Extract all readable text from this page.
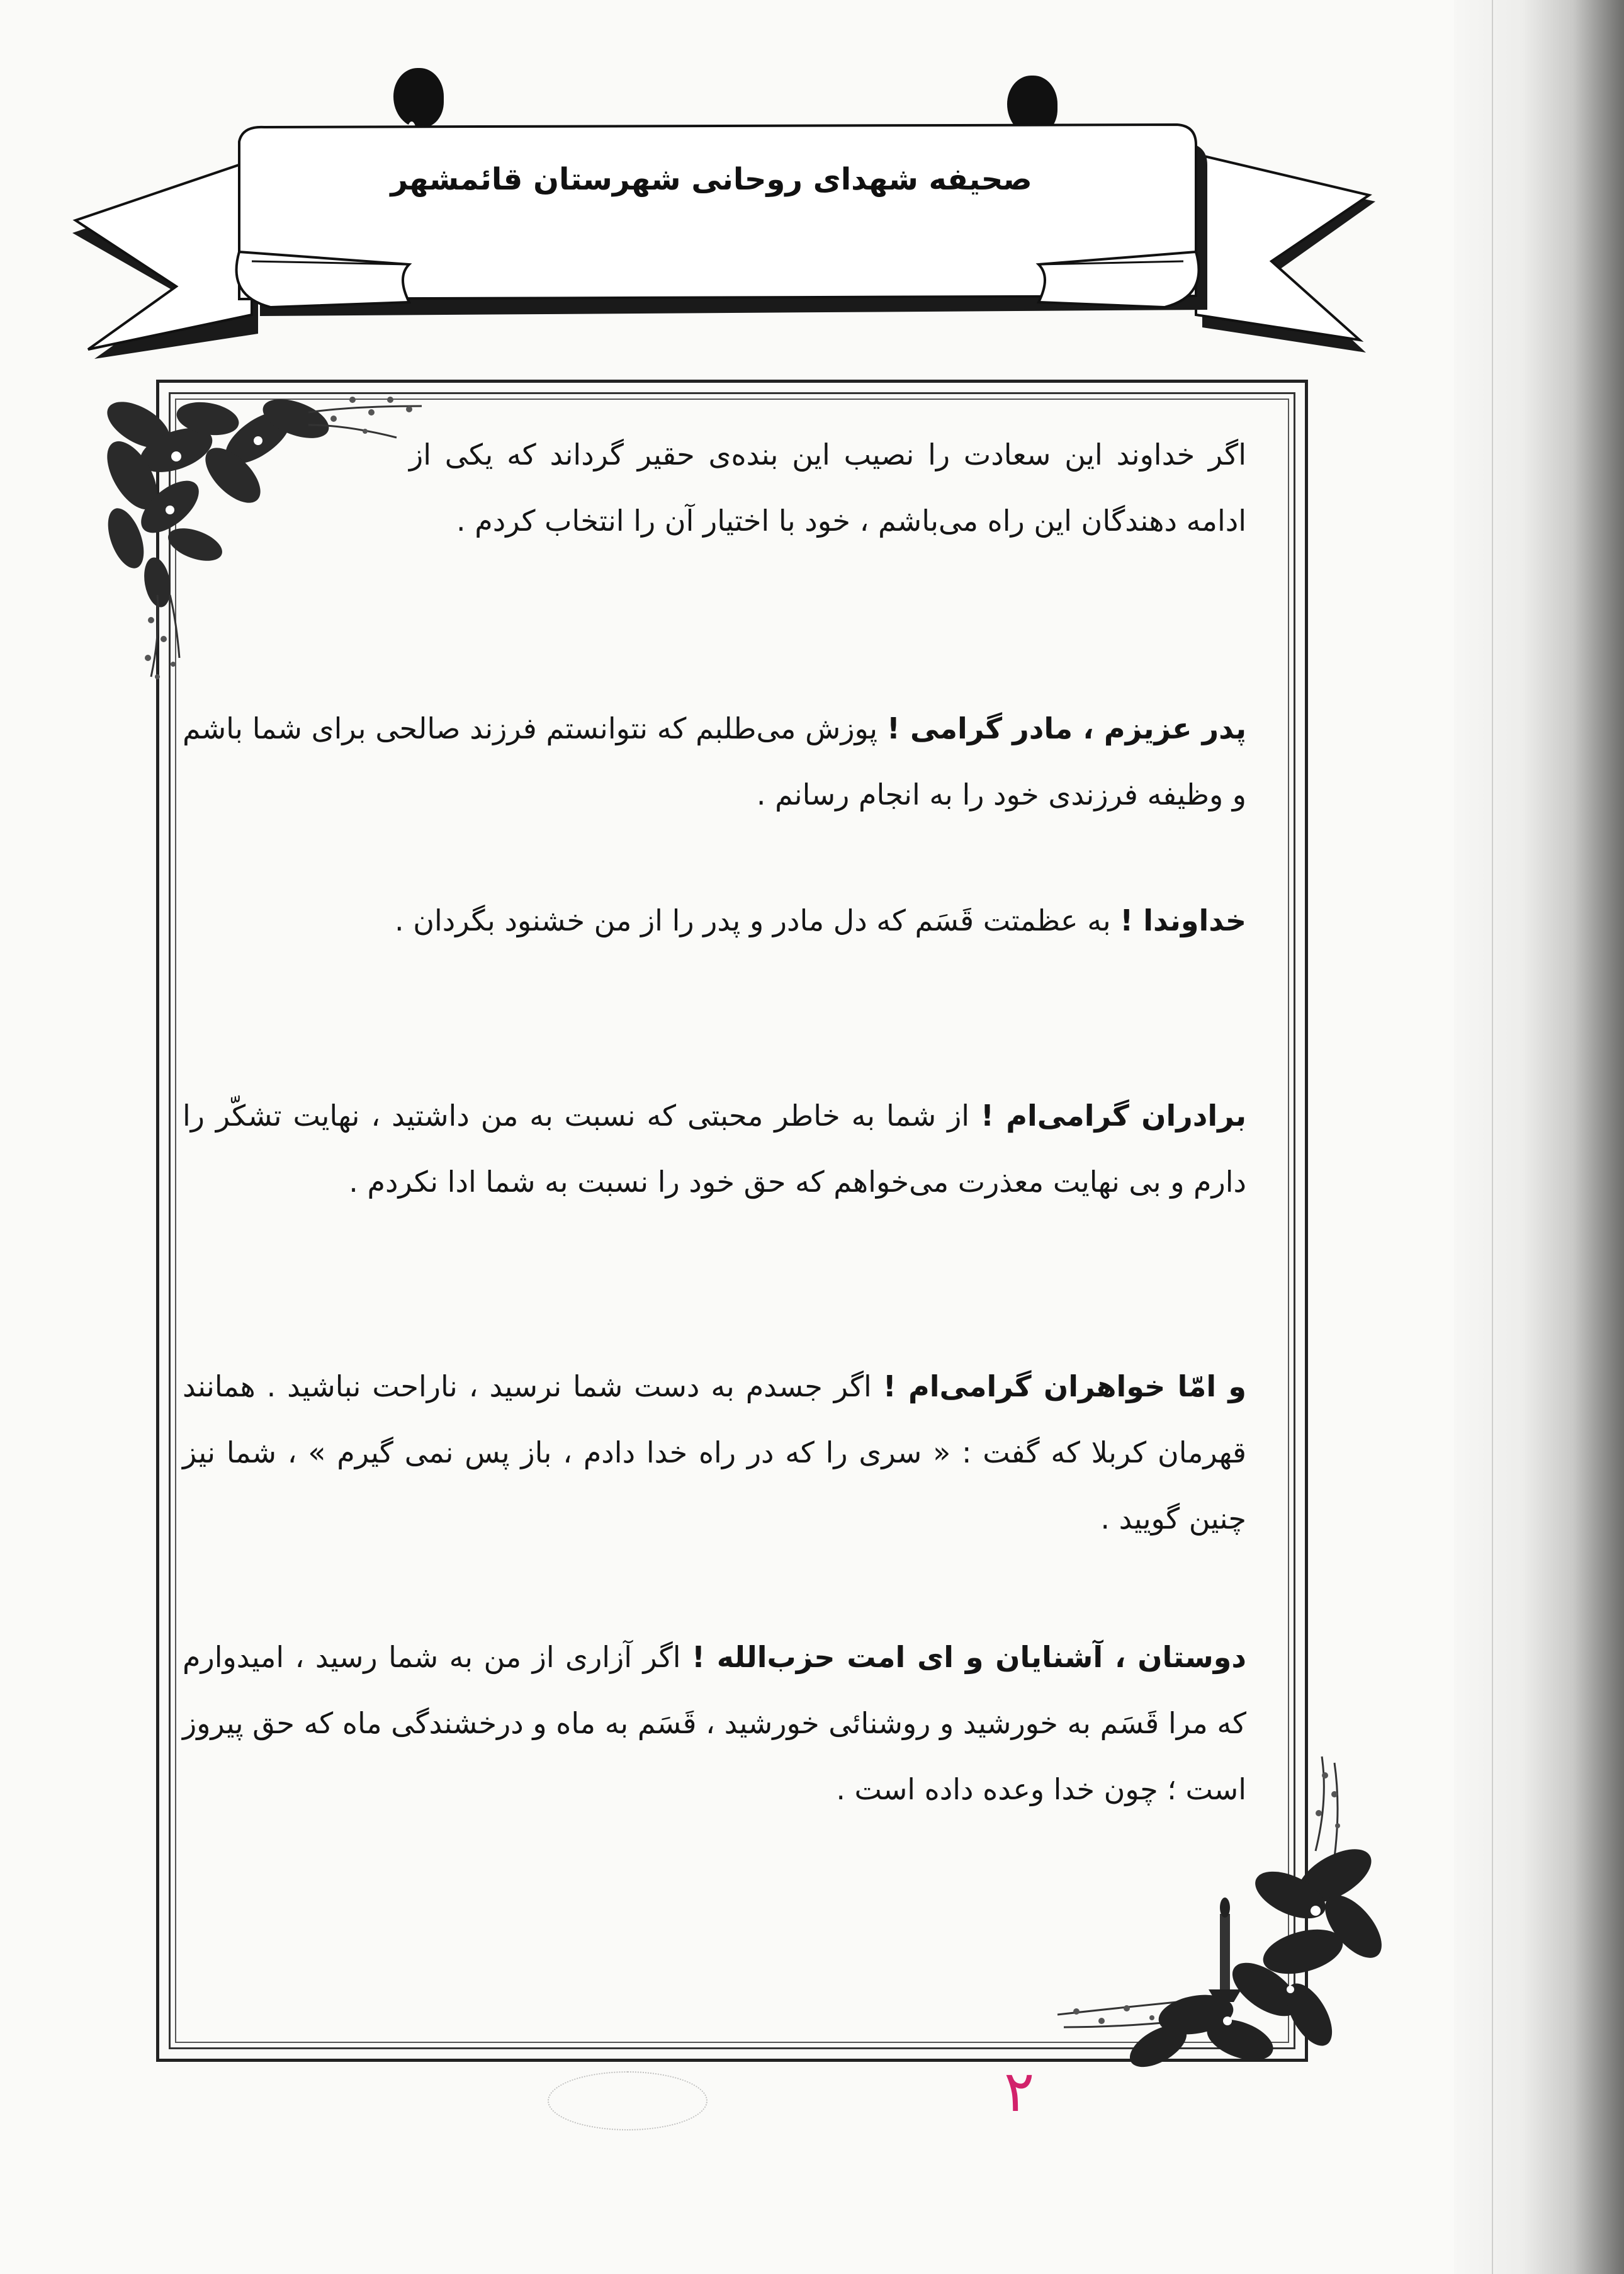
صحیفه شهدای روحانی شهرستان قائمشهر
اگر خداوند این سعادت را نصیب این بنده‌ی حقیر گرداند که یکی از ادامه دهندگان این راه می‌باشم ، خود با اختیار آن را انتخاب کردم .
پدر عزیزم ، مادر گرامی ! پوزش می‌طلبم که نتوانستم فرزند صالحی برای شما باشم و وظیفه فرزندی خود را به انجام رسانم .
خداوندا ! به عظمتت قَسَم که دل مادر و پدر را از من خشنود بگردان .
برادران گرامی‌ام ! از شما به خاطر محبتی که نسبت به من داشتید ، نهایت تشکّر را دارم و بی نهایت معذرت می‌خواهم که حق خود را نسبت به شما ادا نکردم .
و امّا خواهران گرامی‌ام ! اگر جسدم به دست شما نرسید ، ناراحت نباشید . همانند قهرمان کربلا که گفت : « سری را که در راه خدا دادم ، باز پس نمی گیرم » ، شما نیز چنین گویید .
دوستان ، آشنایان و ای امت حزب‌الله ! اگر آزاری از من به شما رسید ، امیدوارم که مرا قَسَم به خورشید و روشنائی خورشید ، قَسَم به ماه و درخشندگی ماه که حق پیروز است ؛ چون خدا وعده داده است .
۲
